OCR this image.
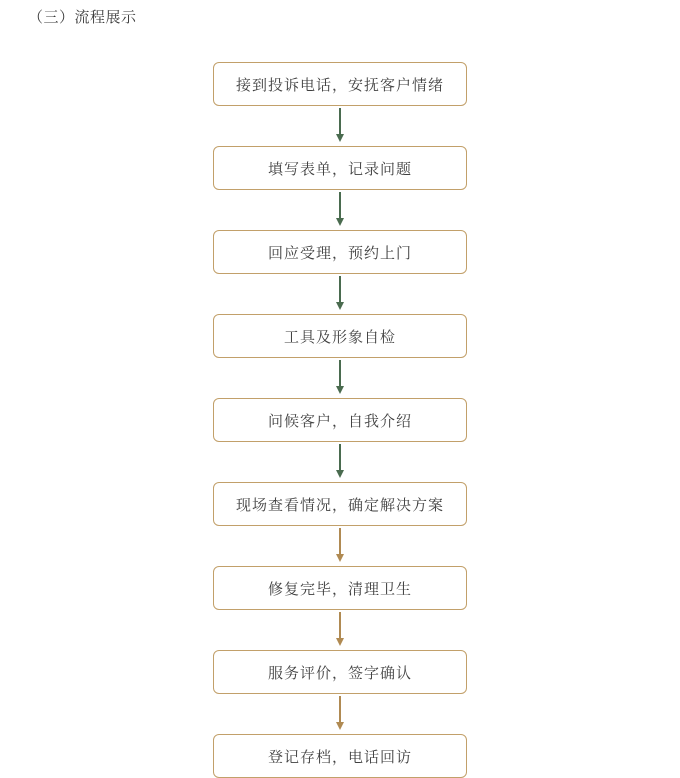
（三）流程展示
接到投诉电话，安抚客户情绪
填写表单，记录问题
回应受理，预约上门
工具及形象自检
问候客户，自我介绍
现场查看情况，确定解决方案
修复完毕，清理卫生
服务评价，签字确认
登记存档，电话回访
